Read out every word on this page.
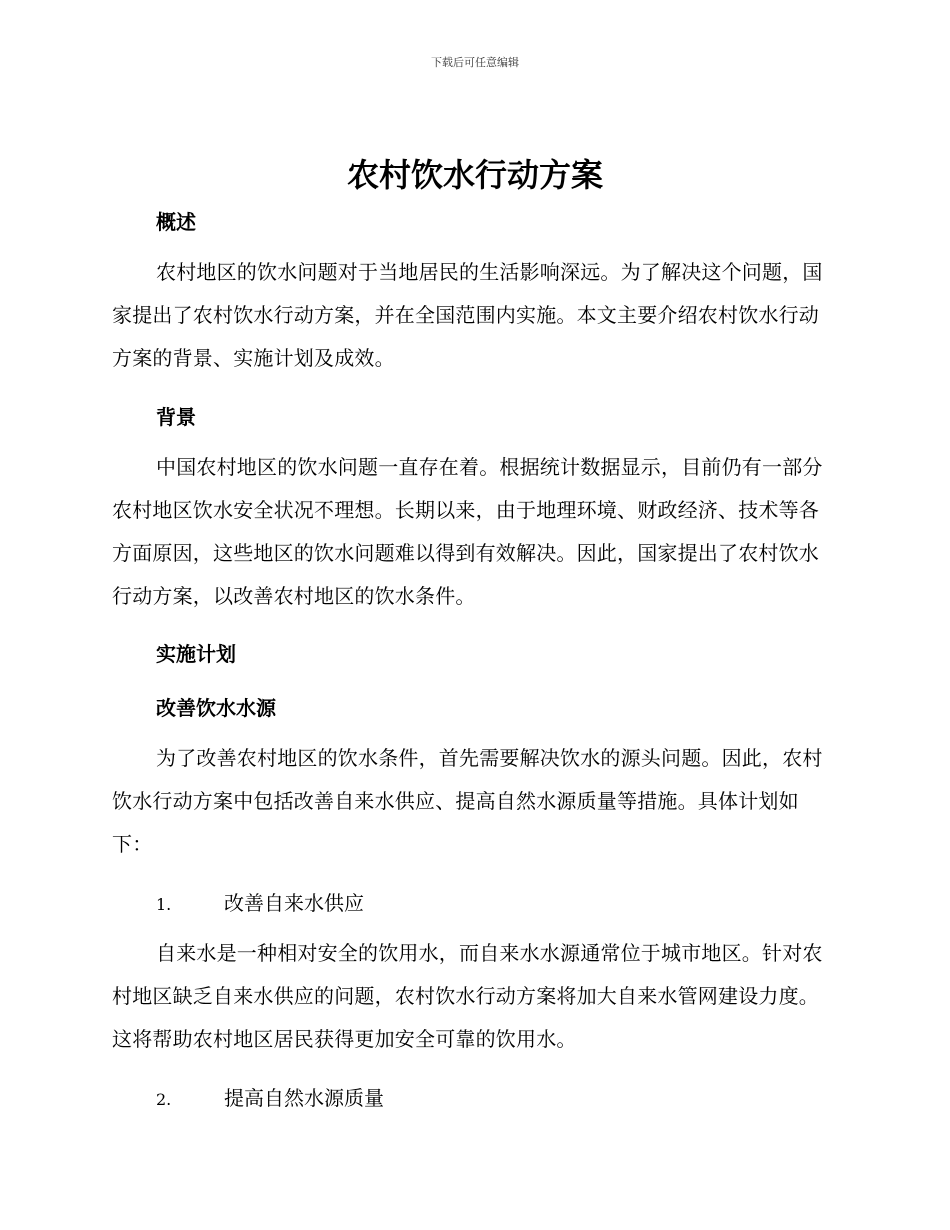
下载后可任意编辑
农村饮水行动方案
概述

农村地区的饮水问题对于当地居民的生活影响深远。为了解决这个问题，国家提出了农村饮水行动方案，并在全国范围内实施。本文主要介绍农村饮水行动方案的背景、实施计划及成效。

背景

中国农村地区的饮水问题一直存在着。根据统计数据显示，目前仍有一部分农村地区饮水安全状况不理想。长期以来，由于地理环境、财政经济、技术等各方面原因，这些地区的饮水问题难以得到有效解决。因此，国家提出了农村饮水行动方案，以改善农村地区的饮水条件。

实施计划
改善饮水水源

为了改善农村地区的饮水条件，首先需要解决饮水的源头问题。因此，农村饮水行动方案中包括改善自来水供应、提高自然水源质量等措施。具体计划如下：

1.	改善自来水供应

自来水是一种相对安全的饮用水，而自来水水源通常位于城市地区。针对农村地区缺乏自来水供应的问题，农村饮水行动方案将加大自来水管网建设力度。这将帮助农村地区居民获得更加安全可靠的饮用水。

2.	提高自然水源质量
